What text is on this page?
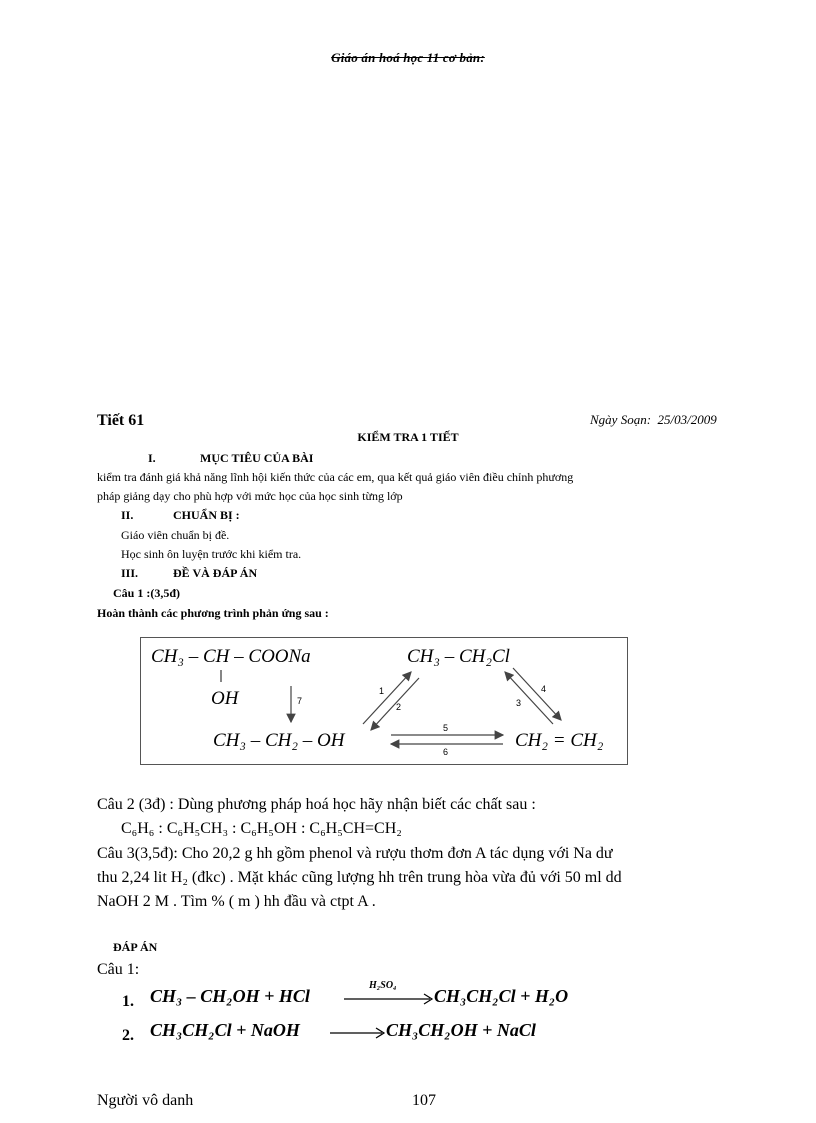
Giáo án hoá học 11 cơ bản:
Tiết 61	Ngày Soạn: 25/03/2009
KIỂM TRA 1 TIẾT
I.	MỤC TIÊU CỦA BÀI
kiểm tra đánh giá khả năng lĩnh hội kiến thức của các em, qua kết quả giáo viên điều chỉnh phương
pháp giảng dạy cho phù hợp với mức học của học sinh từng lớp
II.	CHUẨN BỊ :
Giáo viên chuẩn bị đề.
Học sinh ôn luyện trước khi kiểm tra.
III.	ĐỀ VÀ ĐÁP ÁN
Câu 1 :(3,5đ)
Hoàn thành các phương trình phản ứng sau :
CH₃ – CH – COONa
OH
CH₃ – CH₂Cl
CH₃ – CH₂ – OH	CH₂ = CH₂
7
1
2	3
4
5
6
Câu 2 (3đ) : Dùng phương pháp hoá học hãy nhận biết các chất sau :
C₆H₆ : C₆H₅CH₃ : C₆H₅OH : C₆H₅CH=CH₂
Câu 3(3,5đ): Cho 20,2 g hh gồm phenol và rượu thơm đơn A tác dụng với Na dư
thu 2,24 lit H₂ (đkc) . Mặt khác cũng lượng hh trên trung hòa vừa đủ với 50 ml dd
NaOH 2 M . Tìm % ( m ) hh đầu và ctpt A .
ĐÁP ÁN
Câu 1:
1. CH₃ – CH₂OH + HCl
H₂SO₄
CH₃CH₂Cl + H₂O
2. CH₃CH₂Cl + NaOH → CH₃CH₂OH + NaCl
Người vô danh	107
